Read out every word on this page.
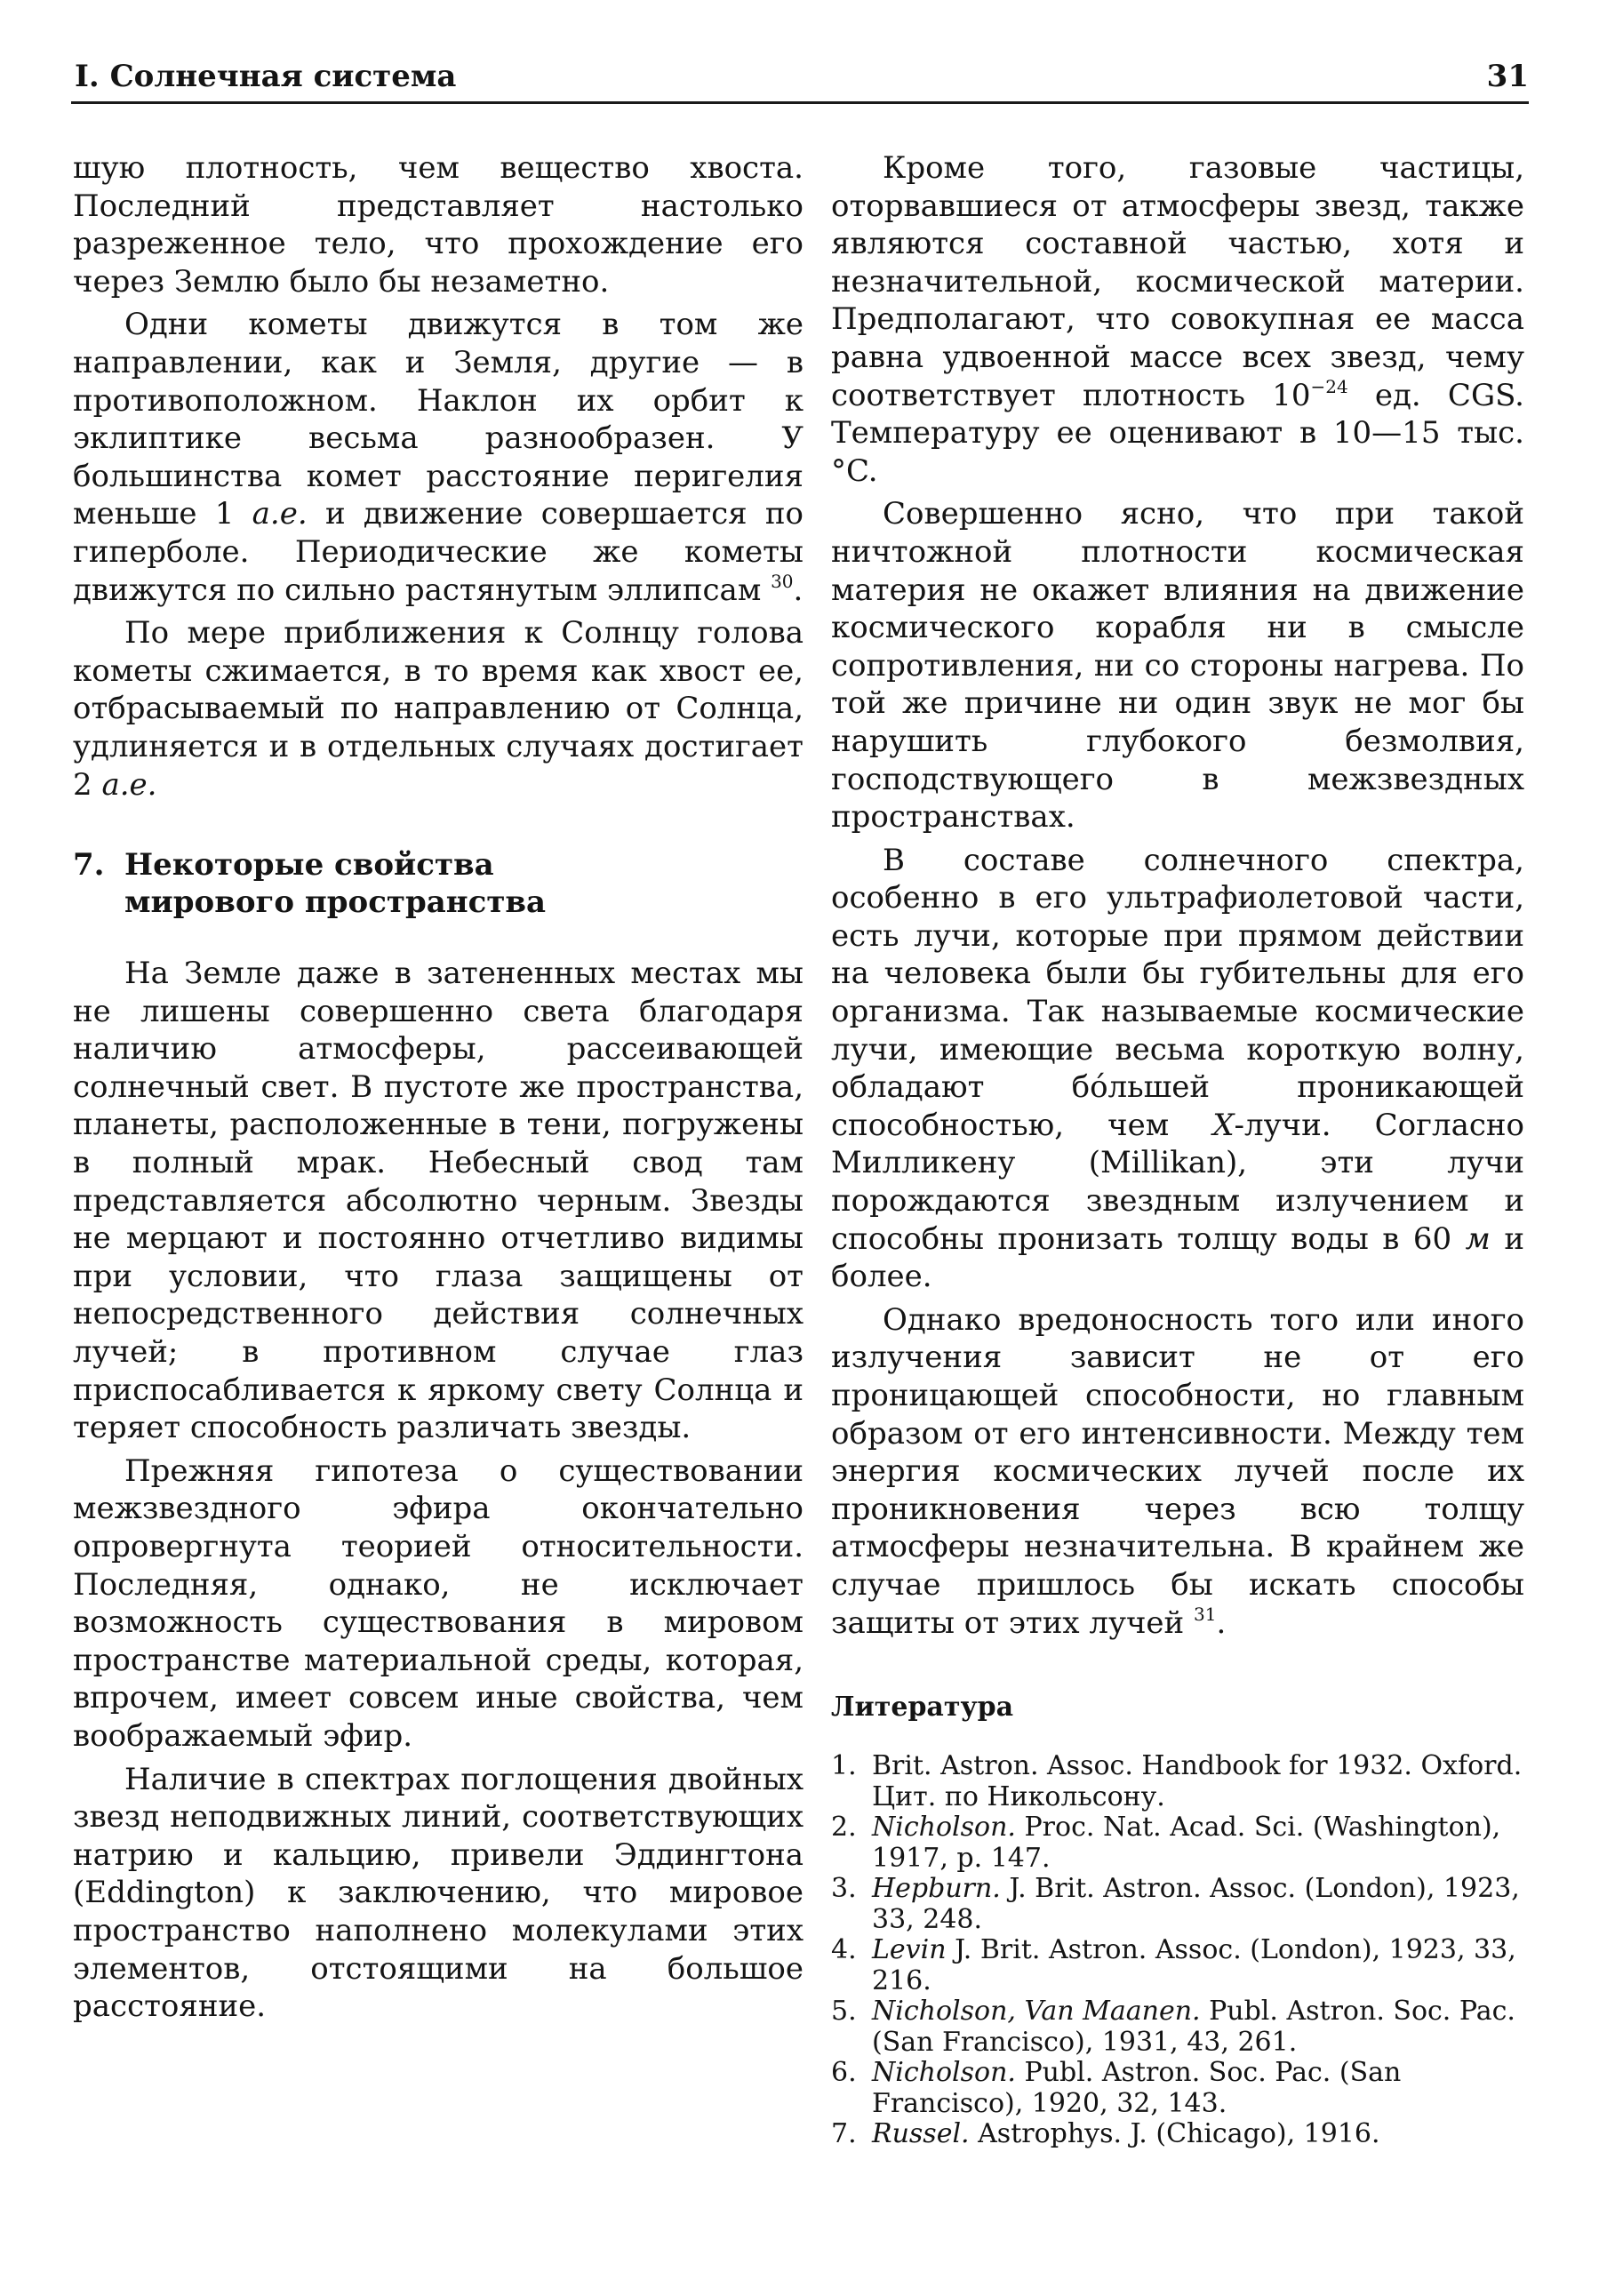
I. Солнечная система	31

шую плотность, чем вещество хвоста. Последний представляет настолько разреженное тело, что прохождение его через Землю было бы незаметно.

Одни кометы движутся в том же направлении, как и Земля, другие — в противоположном. Наклон их орбит к эклиптике весьма разнообразен. У большинства комет расстояние перигелия меньше 1 a.e. и движение совершается по гиперболе. Периодические же кометы движутся по сильно растянутым эллипсам $^{30}$.

По мере приближения к Солнцу голова кометы сжимается, в то время как хвост ее, отбрасываемый по направлению от Солнца, удлиняется и в отдельных случаях достигает 2 a.e.

7. Некоторые свойства
мирового пространства

На Земле даже в затененных местах мы не лишены совершенно света благодаря наличию атмосферы, рассеивающей солнечный свет. В пустоте же пространства, планеты, расположенные в тени, погружены в полный мрак. Небесный свод там представляется абсолютно черным. Звезды не мерцают и постоянно отчетливо видимы при условии, что глаза защищены от непосредственного действия солнечных лучей; в противном случае глаз приспосабливается к яркому свету Солнца и теряет способность различать звезды.

Прежняя гипотеза о существовании межзвездного эфира окончательно опровергнута теорией относительности. Последняя, однако, не исключает возможность существования в мировом пространстве материальной среды, которая, впрочем, имеет совсем иные свойства, чем воображаемый эфир.

Наличие в спектрах поглощения двойных звезд неподвижных линий, соответствующих натрию и кальцию, привели Эддингтона (Eddington) к заключению, что мировое пространство наполнено молекулами этих элементов, отстоящими на большое расстояние.

Кроме того, газовые частицы, оторвавшиеся от атмосферы звезд, также являются составной частью, хотя и незначительной, космической материи. Предполагают, что совокупная ее масса равна удвоенной массе всех звезд, чему соответствует плотность $10^{-24}$ ед. CGS. Температуру ее оценивают в 10—15 тыс. °C.

Совершенно ясно, что при такой ничтожной плотности космическая материя не окажет влияния на движение космического корабля ни в смысле сопротивления, ни со стороны нагрева. По той же причине ни один звук не мог бы нарушить глубокого безмолвия, господствующего в межзвездных пространствах.

В составе солнечного спектра, особенно в его ультрафиолетовой части, есть лучи, которые при прямом действии на человека были бы губительны для его организма. Так называемые космические лучи, имеющие весьма короткую волну, обладают бо́льшей проникающей способностью, чем X-лучи. Согласно Милликену (Millikan), эти лучи порождаются звездным излучением и способны пронизать толщу воды в 60 м и более.

Однако вредоносность того или иного излучения зависит не от его проницающей способности, но главным образом от его интенсивности. Между тем энергия космических лучей после их проникновения через всю толщу атмосферы незначительна. В крайнем же случае пришлось бы искать способы защиты от этих лучей $^{31}$.

Литература
1. Brit. Astron. Assoc. Handbook for 1932. Oxford. Цит. по Никольсону.
2. Nicholson. Proc. Nat. Acad. Sci. (Washington), 1917, p. 147.
3. Hepburn. J. Brit. Astron. Assoc. (London), 1923, 33, 248.
4. Levin J. Brit. Astron. Assoc. (London), 1923, 33, 216.
5. Nicholson, Van Maanen. Publ. Astron. Soc. Pac. (San Francisco), 1931, 43, 261.
6. Nicholson. Publ. Astron. Soc. Pac. (San Francisco), 1920, 32, 143.
7. Russel. Astrophys. J. (Chicago), 1916.
